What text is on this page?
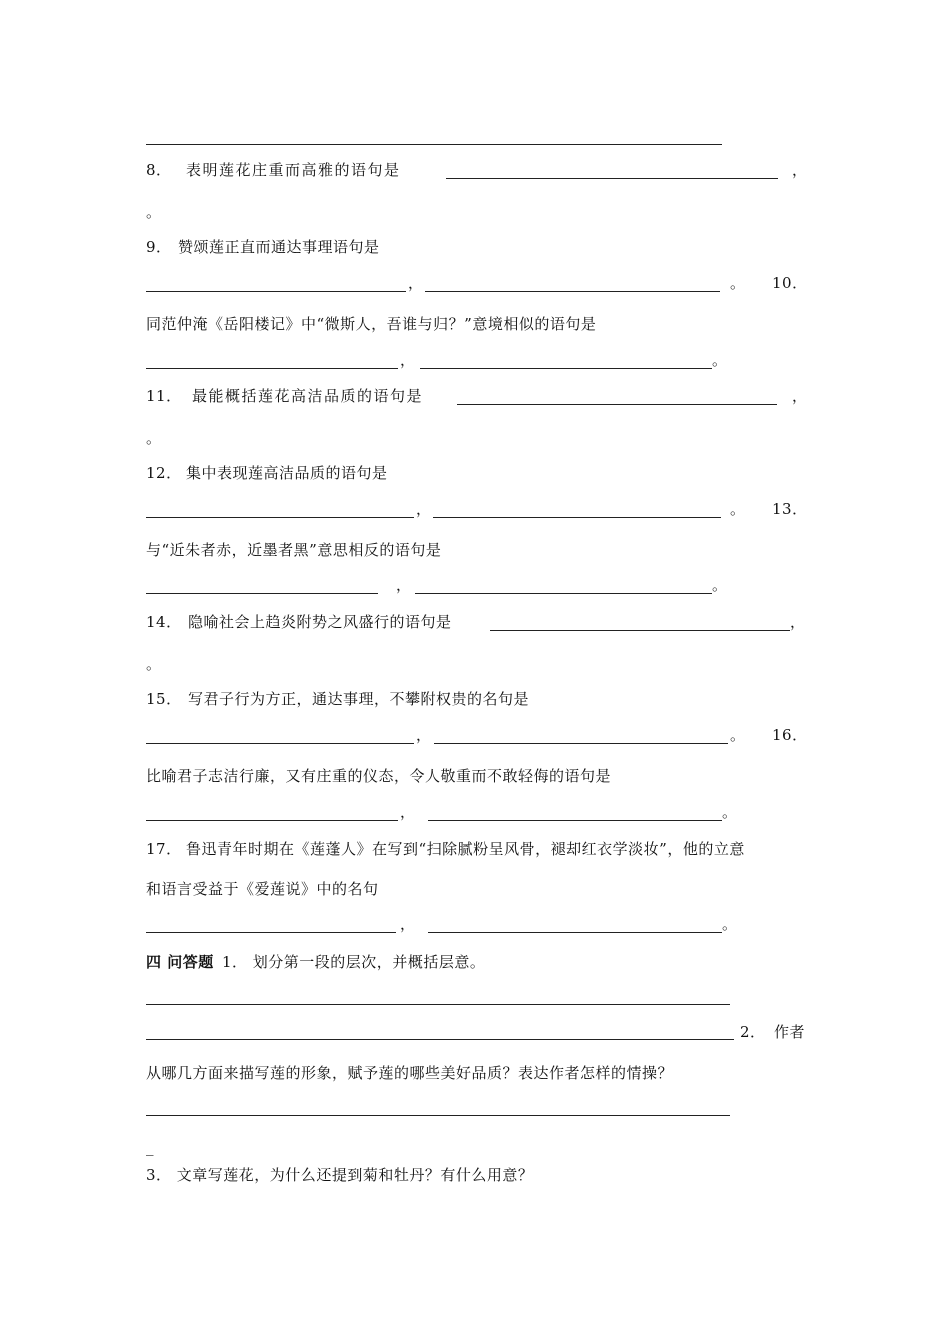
8． 表明莲花庄重而高雅的语句是	，
。
9． 赞颂莲正直而通达事理语句是
，	。 10．
同范仲淹《岳阳楼记》中“微斯人，吾谁与归？”意境相似的语句是
，	。
11． 最能概括莲花高洁品质的语句是	，
。
12． 集中表现莲高洁品质的语句是
，	。 13．
与“近朱者赤，近墨者黑”意思相反的语句是
，	。
14． 隐喻社会上趋炎附势之风盛行的语句是	，
。
15． 写君子行为方正，通达事理，不攀附权贵的名句是
，	。 16．
比喻君子志洁行廉，又有庄重的仪态，令人敬重而不敢轻侮的语句是
，	。
17． 鲁迅青年时期在《莲蓬人》在写到“扫除腻粉呈风骨，褪却红衣学淡妆”，他的立意
和语言受益于《爱莲说》中的名句
，	。
四 问答题 1． 划分第一段的层次，并概括层意。
2． 作者
从哪几方面来描写莲的形象，赋予莲的哪些美好品质？表达作者怎样的情操？
_
3． 文章写莲花，为什么还提到菊和牡丹？有什么用意？
